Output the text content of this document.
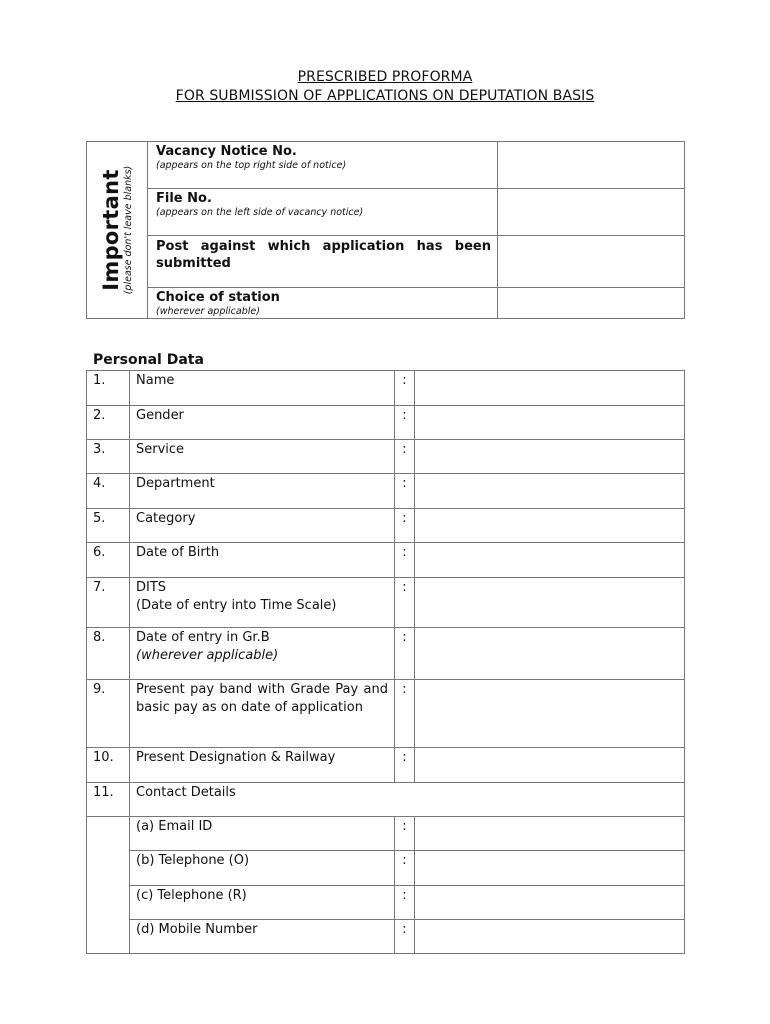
PRESCRIBED PROFORMA
FOR SUBMISSION OF APPLICATIONS ON DEPUTATION BASIS
Important (please don't leave blanks)	Vacancy Notice No.
(appears on the top right side of notice)	

	File No.
(appears on the left side of vacancy notice)	

	Post against which application has been
submitted	

	Choice of station
(wherever applicable)	

Personal Data
1.	Name	:	
2.	Gender	:	
3.	Service	:	
4.	Department	:	
5.	Category	:	
6.	Date of Birth	:	
7.	DITS
(Date of entry into Time Scale)	:	
8.	Date of entry in Gr.B
(wherever applicable)	:	
9.	Present pay band with Grade Pay and basic pay as on date of application	:	
10.	Present Designation & Railway	:	
11.	Contact Details		
	(a) Email ID	:	
	(b) Telephone (O)	:	
	(c) Telephone (R)	:	
	(d) Mobile Number	:	
